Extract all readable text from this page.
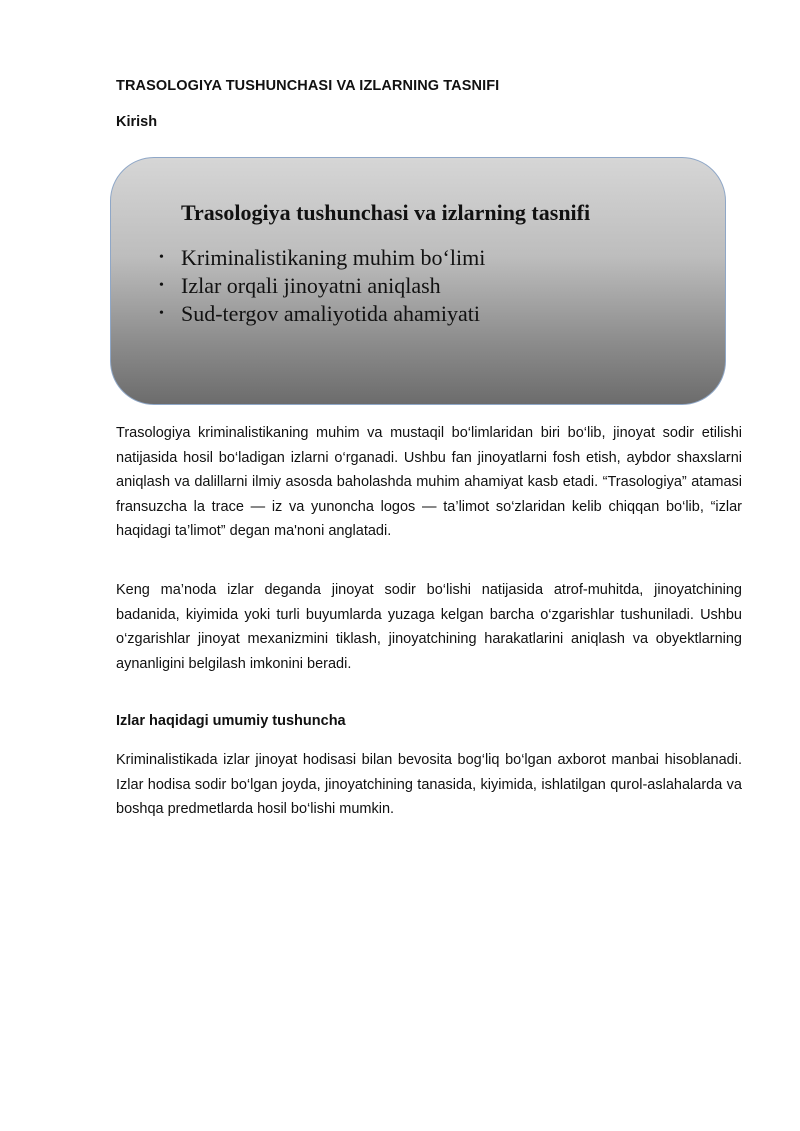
TRASOLOGIYA TUSHUNCHASI VA IZLARNING TASNIFI
Kirish
Trasologiya tushunchasi va izlarning tasnifi
• Kriminalistikaning muhim bo‘limi
• Izlar orqali jinoyatni aniqlash
• Sud-tergov amaliyotida ahamiyati

Trasologiya kriminalistikaning muhim va mustaqil bo‘limlaridan biri bo‘lib, jinoyat sodir etilishi natijasida hosil bo‘ladigan izlarni o‘rganadi. Ushbu fan jinoyatlarni fosh etish, aybdor shaxslarni aniqlash va dalillarni ilmiy asosda baholashda muhim ahamiyat kasb etadi. “Trasologiya” atamasi fransuzcha la trace — iz va yunoncha logos — ta’limot so‘zlaridan kelib chiqqan bo‘lib, “izlar haqidagi ta’limot” degan ma'noni anglatadi.

Keng ma’noda izlar deganda jinoyat sodir bo‘lishi natijasida atrof-muhitda, jinoyatchining badanida, kiyimida yoki turli buyumlarda yuzaga kelgan barcha o‘zgarishlar tushuniladi. Ushbu o‘zgarishlar jinoyat mexanizmini tiklash, jinoyatchining harakatlarini aniqlash va obyektlarning aynanligini belgilash imkonini beradi.

Izlar haqidagi umumiy tushuncha

Kriminalistikada izlar jinoyat hodisasi bilan bevosita bog‘liq bo‘lgan axborot manbai hisoblanadi. Izlar hodisa sodir bo‘lgan joyda, jinoyatchining tanasida, kiyimida, ishlatilgan qurol-aslahalarda va boshqa predmetlarda hosil bo‘lishi mumkin.
